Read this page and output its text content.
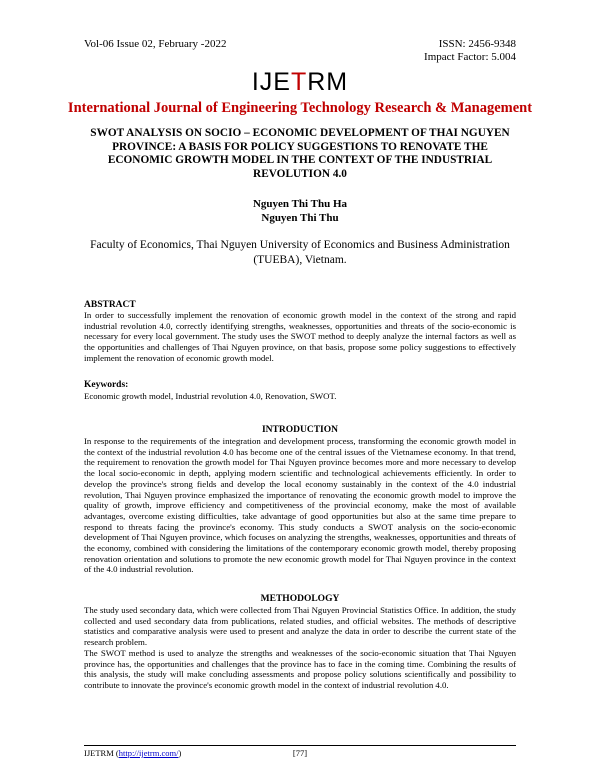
Vol-06 Issue 02, February -2022	ISSN: 2456-9348
Impact Factor: 5.004
IJETRM
International Journal of Engineering Technology Research & Management
SWOT ANALYSIS ON SOCIO – ECONOMIC DEVELOPMENT OF THAI NGUYEN
PROVINCE: A BASIS FOR POLICY SUGGESTIONS TO RENOVATE THE
ECONOMIC GROWTH MODEL IN THE CONTEXT OF THE INDUSTRIAL
REVOLUTION 4.0
Nguyen Thi Thu Ha
Nguyen Thi Thu
Faculty of Economics, Thai Nguyen University of Economics and Business Administration (TUEBA), Vietnam.
ABSTRACT
In order to successfully implement the renovation of economic growth model in the context of the strong and rapid industrial revolution 4.0, correctly identifying strengths, weaknesses, opportunities and threats of the socio-economic is necessary for every local government. The study uses the SWOT method to deeply analyze the internal factors as well as the opportunities and challenges of Thai Nguyen province, on that basis, propose some policy suggestions to effectively implement the renovation of economic growth model.
Keywords:
Economic growth model, Industrial revolution 4.0, Renovation, SWOT.
INTRODUCTION
In response to the requirements of the integration and development process, transforming the economic growth model in the context of the industrial revolution 4.0 has become one of the central issues of the Vietnamese economy. In that trend, the requirement to renovation the growth model for Thai Nguyen province becomes more and more necessary to develop the local socio-economic in depth, applying modern scientific and technological achievements efficiently. In order to develop the province's strong fields and develop the local economy sustainably in the context of the 4.0 industrial revolution, Thai Nguyen province emphasized the importance of renovating the economic growth model to improve the quality of growth, improve efficiency and competitiveness of the provincial economy, make the most of available advantages, overcome existing difficulties, take advantage of good opportunities but also at the same time prepare to respond to threats facing the province's economy. This study conducts a SWOT analysis on the socio-economic development of Thai Nguyen province, which focuses on analyzing the strengths, weaknesses, opportunities and threats of the economy, combined with considering the limitations of the contemporary economic growth model, thereby proposing renovation orientation and solutions to promote the new economic growth model for Thai Nguyen province in the context of the 4.0 industrial revolution.
METHODOLOGY

The study used secondary data, which were collected from Thai Nguyen Provincial Statistics Office. In addition, the study collected and used secondary data from publications, related studies, and official websites. The methods of descriptive statistics and comparative analysis were used to present and analyze the data in order to describe the current state of the research problem.

The SWOT method is used to analyze the strengths and weaknesses of the socio-economic situation that Thai Nguyen province has, the opportunities and challenges that the province has to face in the coming time. Combining the results of this analysis, the study will make concluding assessments and propose policy solutions scientifically and possibility to contribute to innovate the province's economic growth model in the context of industrial revolution 4.0.

IJETRM (http://ijetrm.com/)	[77]
